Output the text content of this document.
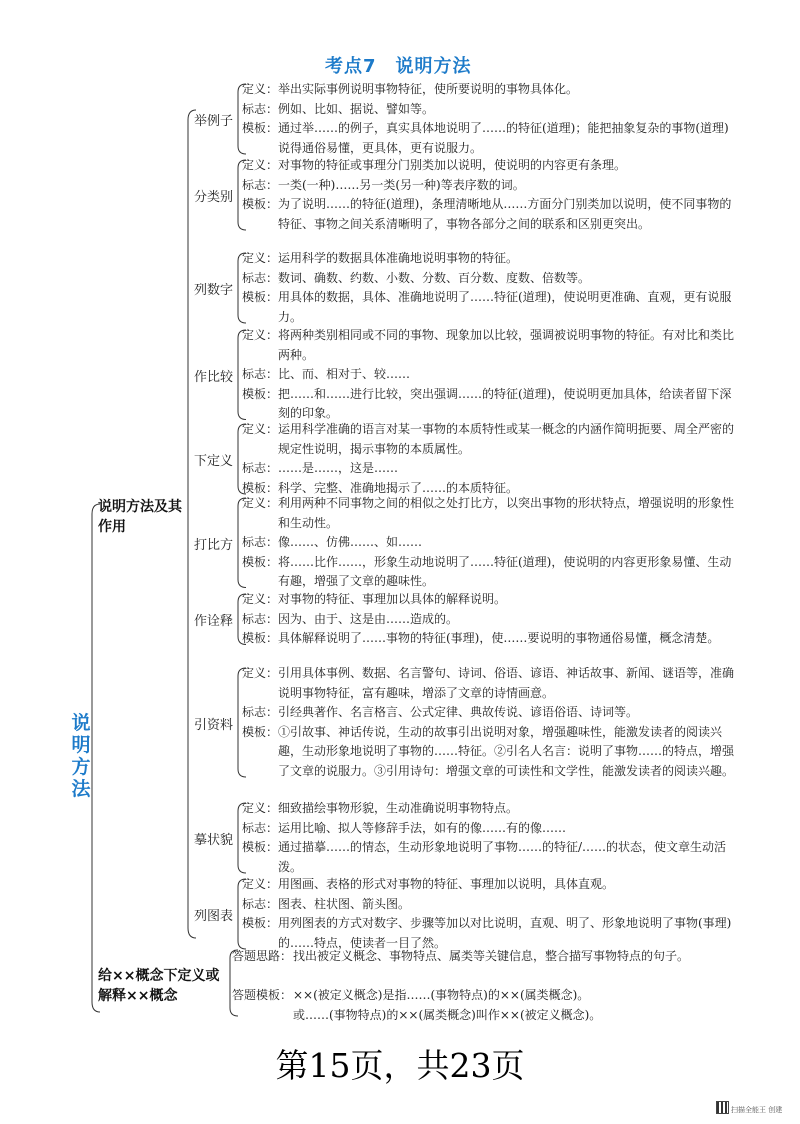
考点7　说明方法
说明方法
说明方法及其作用
给××概念下定义或解释××概念
定义： 举出实际事例说明事物特征，使所要说明的事物具体化。
标志： 例如、比如、据说、譬如等。
模板： 通过举……的例子，真实具体地说明了……的特征(道理)；能把抽象复杂的事物(道理)说得通俗易懂，更具体，更有说服力。
定义： 对事物的特征或事理分门别类加以说明，使说明的内容更有条理。
标志： 一类(一种)……另一类(另一种)等表序数的词。
模板： 为了说明……的特征(道理)，条理清晰地从……方面分门别类加以说明，使不同事物的特征、事物之间关系清晰明了，事物各部分之间的联系和区别更突出。
定义： 运用科学的数据具体准确地说明事物的特征。
标志： 数词、确数、约数、小数、分数、百分数、度数、倍数等。
模板： 用具体的数据，具体、准确地说明了……特征(道理)，使说明更准确、直观，更有说服力。
定义： 将两种类别相同或不同的事物、现象加以比较，强调被说明事物的特征。有对比和类比两种。
标志： 比、而、相对于、较……
模板： 把……和……进行比较，突出强调……的特征(道理)，使说明更加具体，给读者留下深刻的印象。
定义： 运用科学准确的语言对某一事物的本质特性或某一概念的内涵作简明扼要、周全严密的规定性说明，揭示事物的本质属性。
标志： ……是……，这是……
模板： 科学、完整、准确地揭示了……的本质特征。
定义： 利用两种不同事物之间的相似之处打比方，以突出事物的形状特点，增强说明的形象性和生动性。
标志： 像……、仿佛……、如……
模板： 将……比作……，形象生动地说明了……特征(道理)，使说明的内容更形象易懂、生动有趣，增强了文章的趣味性。
定义： 对事物的特征、事理加以具体的解释说明。
标志： 因为、由于、这是由……造成的。
模板： 具体解释说明了……事物的特征(事理)，使……要说明的事物通俗易懂，概念清楚。
定义： 引用具体事例、数据、名言警句、诗词、俗语、谚语、神话故事、新闻、谜语等，准确说明事物特征，富有趣味，增添了文章的诗情画意。
标志： 引经典著作、名言格言、公式定律、典故传说、谚语俗语、诗词等。
模板： ①引故事、神话传说，生动的故事引出说明对象，增强趣味性，能激发读者的阅读兴趣，生动形象地说明了事物的……特征。②引名人名言：说明了事物……的特点，增强了文章的说服力。③引用诗句：增强文章的可读性和文学性，能激发读者的阅读兴趣。
定义： 细致描绘事物形貌，生动准确说明事物特点。
标志： 运用比喻、拟人等修辞手法，如有的像……有的像……
模板： 通过描摹……的情态，生动形象地说明了事物……的特征/……的状态，使文章生动活泼。
定义： 用图画、表格的形式对事物的特征、事理加以说明，具体直观。
标志： 图表、柱状图、箭头图。
模板： 用列图表的方式对数字、步骤等加以对比说明，直观、明了、形象地说明了事物(事理)的……特点，使读者一目了然。
答题思路： 找出被定义概念、事物特点、属类等关键信息，整合描写事物特点的句子。
答题模板： ××(被定义概念)是指……(事物特点)的××(属类概念)。
或……(事物特点)的××(属类概念)叫作××(被定义概念)。
第15页，共23页
扫描全能王 创建
举例子
分类别
列数字
作比较
下定义
打比方
作诠释
引资料
摹状貌
列图表
